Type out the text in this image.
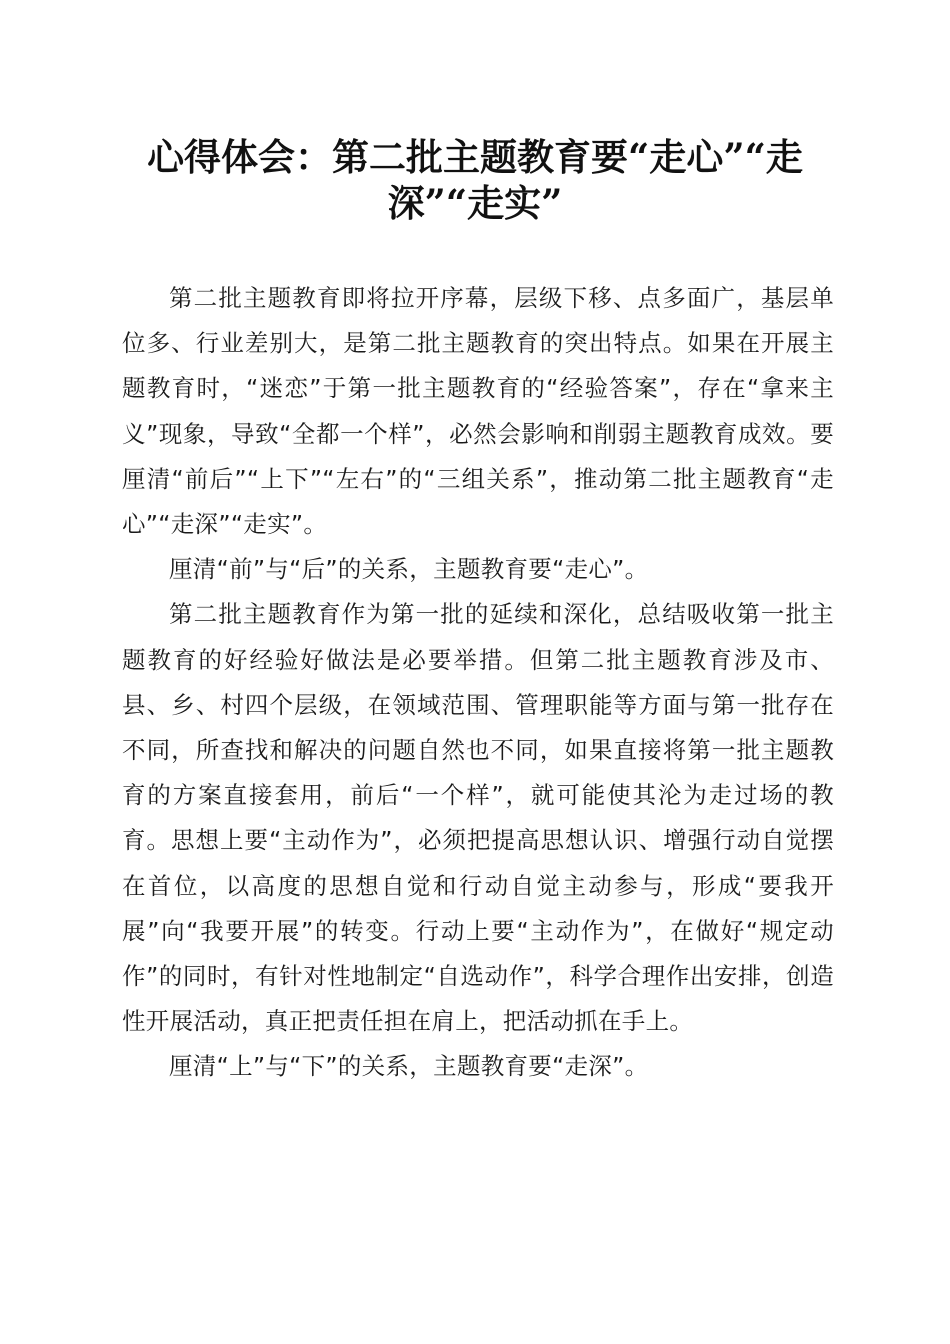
心得体会：第二批主题教育要“走心”“走
深”“走实”

第二批主题教育即将拉开序幕，层级下移、点多面广，基层单位多、行业差别大，是第二批主题教育的突出特点。如果在开展主题教育时，“迷恋”于第一批主题教育的“经验答案”，存在“拿来主义”现象，导致“全都一个样”，必然会影响和削弱主题教育成效。要厘清“前后”“上下”“左右”的“三组关系”，推动第二批主题教育“走心”“走深”“走实”。

厘清“前”与“后”的关系，主题教育要“走心”。

第二批主题教育作为第一批的延续和深化，总结吸收第一批主题教育的好经验好做法是必要举措。但第二批主题教育涉及市、县、乡、村四个层级，在领域范围、管理职能等方面与第一批存在不同，所查找和解决的问题自然也不同，如果直接将第一批主题教育的方案直接套用，前后“一个样”，就可能使其沦为走过场的教育。思想上要“主动作为”，必须把提高思想认识、增强行动自觉摆在首位，以高度的思想自觉和行动自觉主动参与，形成“要我开展”向“我要开展”的转变。行动上要“主动作为”，在做好“规定动作”的同时，有针对性地制定“自选动作”，科学合理作出安排，创造性开展活动，真正把责任担在肩上，把活动抓在手上。

厘清“上”与“下”的关系，主题教育要“走深”。
